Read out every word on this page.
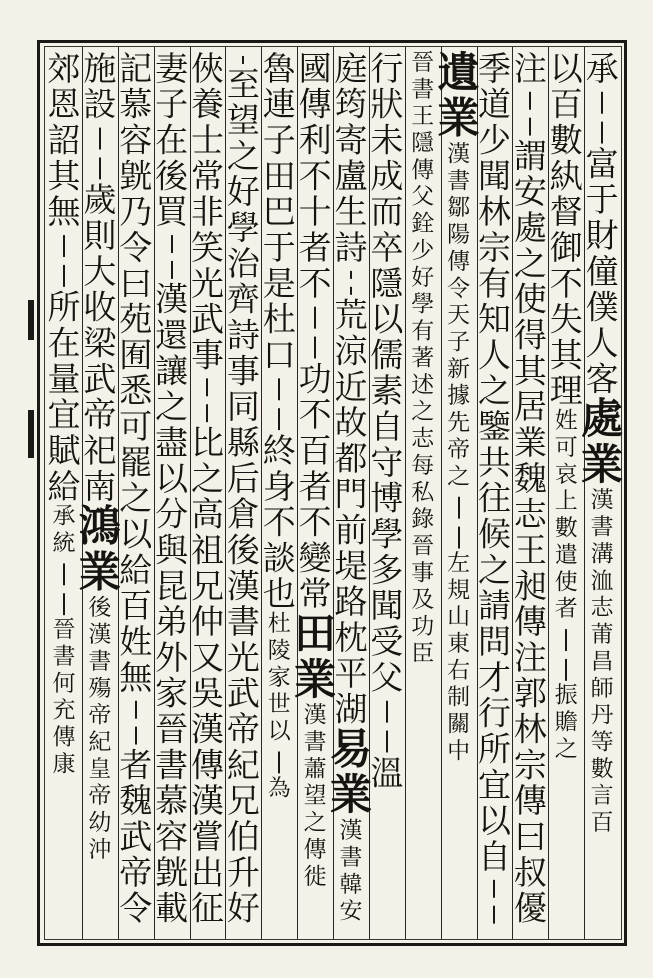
承
富
于
財
僮
僕
人
客
處
業
漢
書
溝
洫
志
莆
昌
師
丹
等
數
言
百
以
百
數
紈
督
御
不
失
其
理
姓
可
哀
上
數
遣
使
者
振
贍
之
注
謂
安
處
之
使
得
其
居
業
魏
志
王
昶
傳
注
郭
林
宗
傳
曰
叔
優
季
道
少
聞
林
宗
有
知
人
之
鑒
共
往
候
之
請
問
才
行
所
宜
以
自
遺
業
漢
書
鄒
陽
傳
令
天
子
新
據
先
帝
之
左
規
山
東
右
制
關
中
晉
書
王
隱
傳
父
銓
少
好
學
有
著
述
之
志
每
私
錄
晉
事
及
功
臣
行
狀
未
成
而
卒
隱
以
儒
素
自
守
博
學
多
聞
受
父
溫
庭
筠
寄
盧
生
詩
荒
涼
近
故
都
門
前
堤
路
枕
平
湖
易
業
漢
書
韓
安
國
傳
利
不
十
者
不
功
不
百
者
不
變
常
田
業
漢
書
蕭
望
之
傳
徙
魯
連
子
田
巴
于
是
杜
口
終
身
不
談
也
杜
陵
家
世
以
為
至
望
之
好
學
治
齊
詩
事
同
縣
后
倉
後
漢
書
光
武
帝
紀
兄
伯
升
好
俠
養
士
常
非
笑
光
武
事
比
之
高
祖
兄
仲
又
吳
漢
傳
漢
嘗
出
征
妻
子
在
後
買
漢
還
讓
之
盡
以
分
與
昆
弟
外
家
晉
書
慕
容
皝
載
記
慕
容
皝
乃
令
曰
苑
囿
悉
可
罷
之
以
給
百
姓
無
者
魏
武
帝
令
施
設
歲
則
大
收
梁
武
帝
祀
南
鴻
業
後
漢
書
殤
帝
紀
皇
帝
幼
沖
郊
恩
詔
其
無
所
在
量
宜
賦
給
承
統
晉
書
何
充
傳
康
